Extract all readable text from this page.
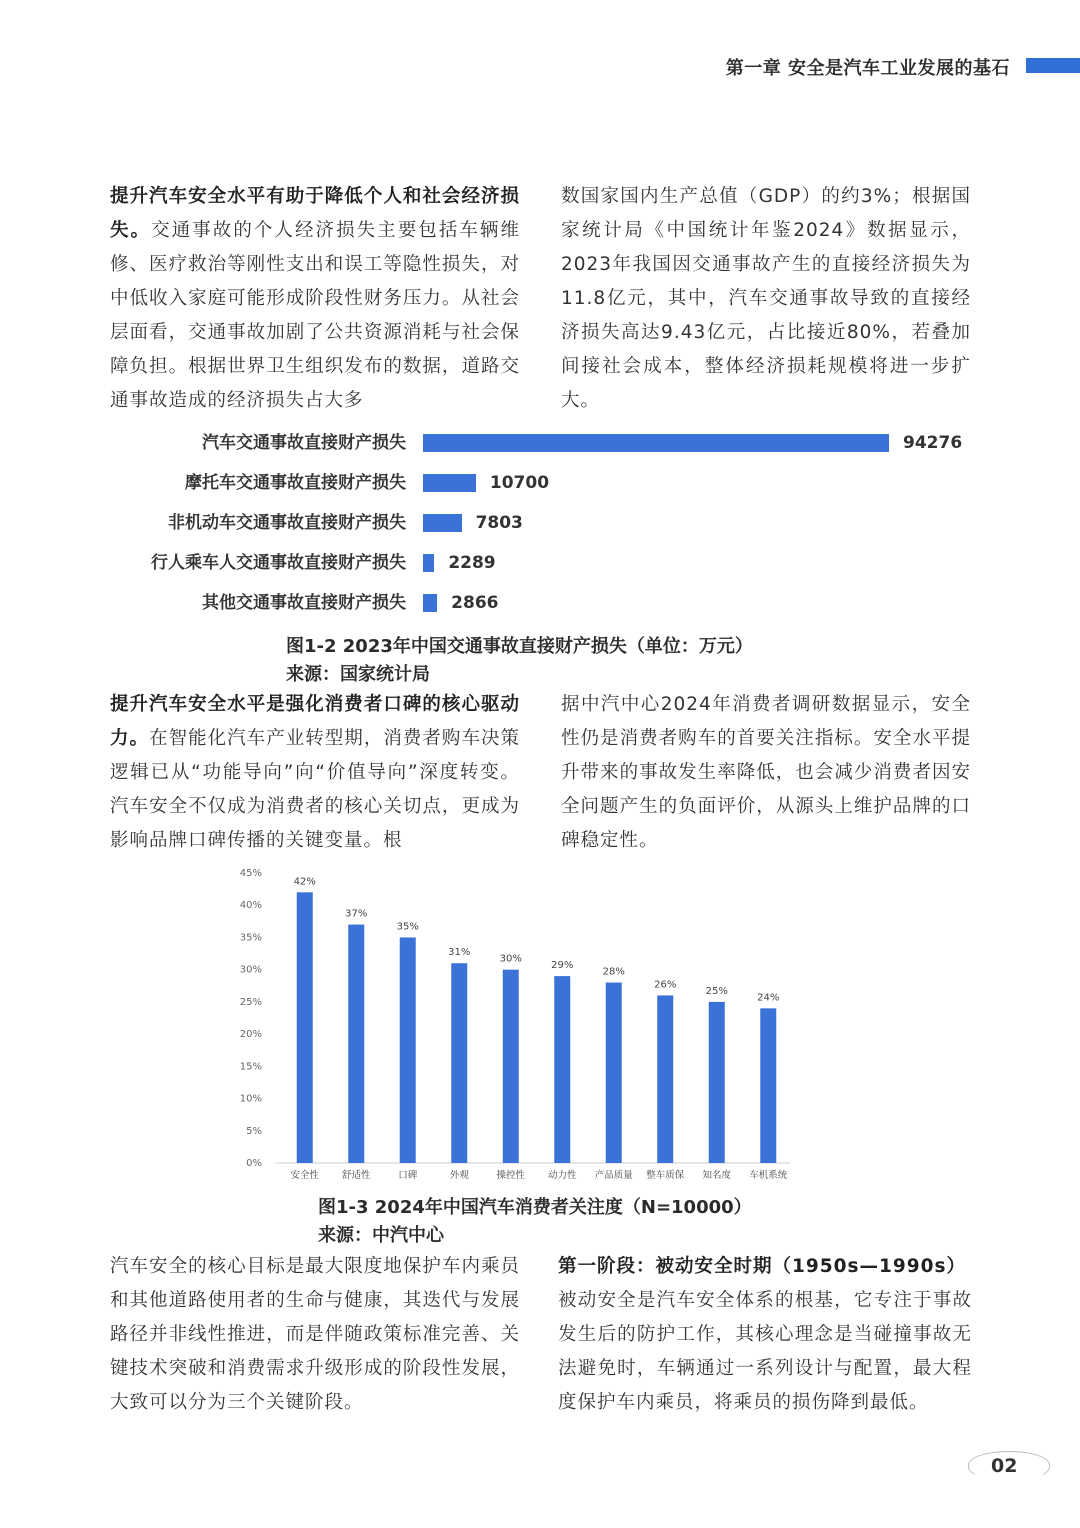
第一章 安全是汽车工业发展的基石
提升汽车安全水平有助于降低个人和社会经济损失。交通事故的个人经济损失主要包括车辆维修、医疗救治等刚性支出和误工等隐性损失，对中低收入家庭可能形成阶段性财务压力。从社会层面看，交通事故加剧了公共资源消耗与社会保障负担。根据世界卫生组织发布的数据，道路交通事故造成的经济损失占大多
数国家国内生产总值（GDP）的约3%；根据国家统计局《中国统计年鉴2024》数据显示，2023年我国因交通事故产生的直接经济损失为11.8亿元，其中，汽车交通事故导致的直接经济损失高达9.43亿元，占比接近80%，若叠加间接社会成本，整体经济损耗规模将进一步扩大。
汽车交通事故直接财产损失	94276
摩托车交通事故直接财产损失	10700
非机动车交通事故直接财产损失	7803
行人乘车人交通事故直接财产损失 2289
其他交通事故直接财产损失	2866
图1-2 2023年中国交通事故直接财产损失（单位：万元）
来源：国家统计局
提升汽车安全水平是强化消费者口碑的核心驱动力。在智能化汽车产业转型期，消费者购车决策逻辑已从“功能导向”向“价值导向”深度转变。汽车安全不仅成为消费者的核心关切点，更成为影响品牌口碑传播的关键变量。根
据中汽中心2024年消费者调研数据显示，安全性仍是消费者购车的首要关注指标。安全水平提升带来的事故发生率降低，也会减少消费者因安全问题产生的负面评价，从源头上维护品牌的口碑稳定性。
0%
5%
10%
15%
20%
25%
30%
35%
40%
45%
42%
安全性
37%
舒适性
35%
口碑
31%
外观
30%
操控性
29%
动力性
28%
产品质量
26%
整车质保
25%
知名度
24%
车机系统
图1-3 2024年中国汽车消费者关注度（N=10000）
来源：中汽中心
汽车安全的核心目标是最大限度地保护车内乘员和其他道路使用者的生命与健康，其迭代与发展路径并非线性推进，而是伴随政策标准完善、关键技术突破和消费需求升级形成的阶段性发展，大致可以分为三个关键阶段。
第一阶段：被动安全时期（1950s—1990s）
被动安全是汽车安全体系的根基，它专注于事故发生后的防护工作，其核心理念是当碰撞事故无法避免时，车辆通过一系列设计与配置，最大程度保护车内乘员，将乘员的损伤降到最低。
02
